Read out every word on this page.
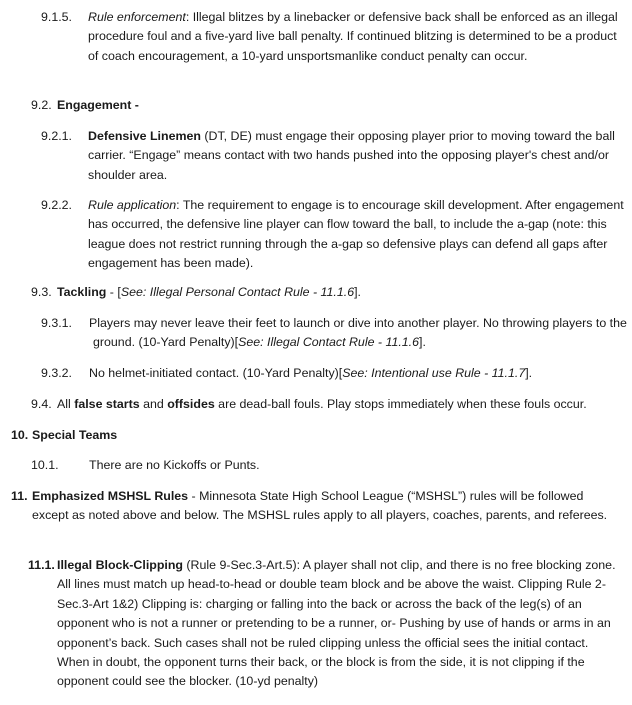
9.1.5. Rule enforcement: Illegal blitzes by a linebacker or defensive back shall be enforced as an illegal procedure foul and a five-yard live ball penalty. If continued blitzing is determined to be a product of coach encouragement, a 10-yard unsportsmanlike conduct penalty can occur.
9.2. Engagement -
9.2.1. Defensive Linemen (DT, DE) must engage their opposing player prior to moving toward the ball carrier. “Engage” means contact with two hands pushed into the opposing player's chest and/or shoulder area.
9.2.2. Rule application: The requirement to engage is to encourage skill development. After engagement has occurred, the defensive line player can flow toward the ball, to include the a-gap (note: this league does not restrict running through the a-gap so defensive plays can defend all gaps after engagement has been made).
9.3. Tackling - [See: Illegal Personal Contact Rule - 11.1.6].
9.3.1. Players may never leave their feet to launch or dive into another player. No throwing players to the ground. (10-Yard Penalty)[See: Illegal Contact Rule - 11.1.6].
9.3.2. No helmet-initiated contact. (10-Yard Penalty)[See: Intentional use Rule - 11.1.7].
9.4. All false starts and offsides are dead-ball fouls. Play stops immediately when these fouls occur.
10. Special Teams
10.1. There are no Kickoffs or Punts.
11. Emphasized MSHSL Rules - Minnesota State High School League (“MSHSL”) rules will be followed except as noted above and below. The MSHSL rules apply to all players, coaches, parents, and referees.
11.1. Illegal Block-Clipping (Rule 9-Sec.3-Art.5): A player shall not clip, and there is no free blocking zone. All lines must match up head-to-head or double team block and be above the waist. Clipping Rule 2-Sec.3-Art 1&2) Clipping is: charging or falling into the back or across the back of the leg(s) of an opponent who is not a runner or pretending to be a runner, or- Pushing by use of hands or arms in an opponent’s back. Such cases shall not be ruled clipping unless the official sees the initial contact. When in doubt, the opponent turns their back, or the block is from the side, it is not clipping if the opponent could see the blocker. (10-yd penalty)
